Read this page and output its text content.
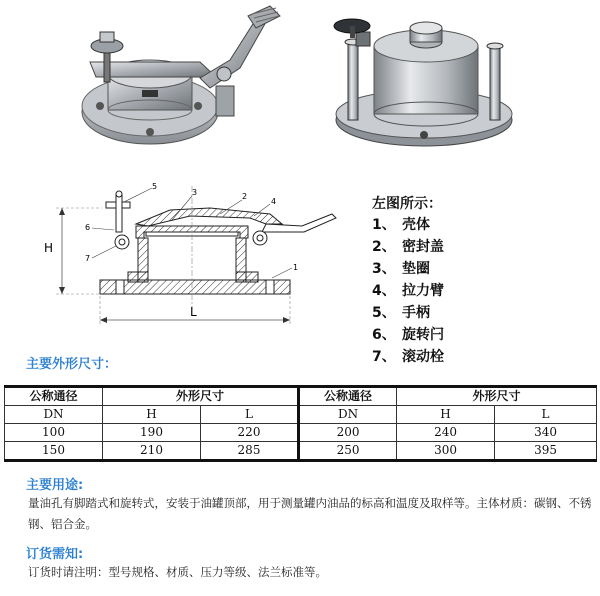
H
5
3	2
4
6
7
1
L
左图所示：
1、 壳体
2、 密封盖
3、 垫圈
4、 拉力臂
5、 手柄
6、 旋转闩
7、 滚动栓
主要外形尺寸：
公称通径	外形尺寸		公称通径	外形尺寸	
DN	H	L	DN	H	L
100	190	220	200	240	340
150	210	285	250	300	395
主要用途:
量油孔有脚踏式和旋转式，安装于油罐顶部，用于测量罐内油品的标高和温度及取样等。主体材质：碳钢、不锈钢、铝合金。
订货需知:
订货时请注明：型号规格、材质、压力等级、法兰标准等。
